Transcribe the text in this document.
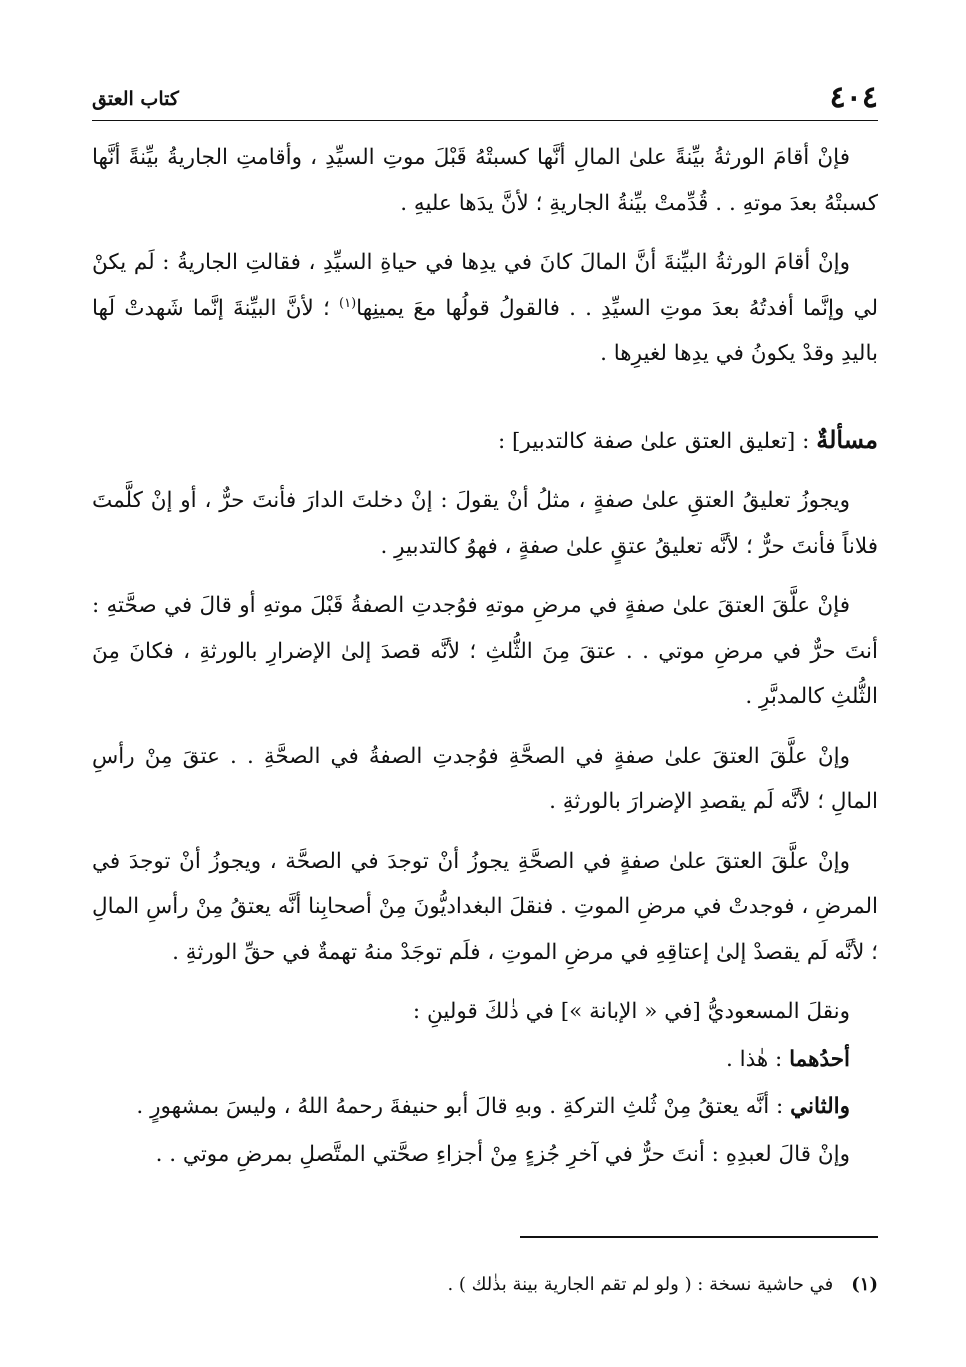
٤٠٤
كتاب العتق

فإنْ أقامَ الورثةُ بيِّنةً علىٰ المالِ أنَّها كسبتْهُ قَبْلَ موتِ السيِّدِ ، وأقامتِ الجاريةُ بيِّنةً أنَّها كسبتْهُ بعدَ موتهِ . . قُدِّمتْ بيِّنةُ الجاريةِ ؛ لأنَّ يدَها عليهِ .

وإنْ أقامَ الورثةُ البيِّنةَ أنَّ المالَ كانَ في يدِها في حياةِ السيِّدِ ، فقالتِ الجاريةُ : لَم يكنْ لي وإنَّما أفدتُهُ بعدَ موتِ السيِّدِ . . فالقولُ قولُها معَ يمينِها$^{(١)}$ ؛ لأنَّ البيِّنةَ إنَّما شَهدتْ لَها باليدِ وقدْ يكونُ في يدِها لغيرِها .

مسألةٌ : [تعليق العتق علىٰ صفة كالتدبير] :

ويجوزُ تعليقُ العتقِ علىٰ صفةٍ ، مثلُ أنْ يقولَ : إنْ دخلتَ الدارَ فأنتَ حرٌّ ، أو إنْ كلَّمتَ فلاناً فأنتَ حرٌّ ؛ لأنَّه تعليقُ عتقٍ علىٰ صفةٍ ، فهوُ كالتدبيرِ .

فإنْ علَّقَ العتقَ علىٰ صفةٍ في مرضِ موتهِ فوُجدتِ الصفةُ قَبْلَ موتهِ أو قالَ في صحَّتهِ : أنتَ حرٌّ في مرضِ موتي . . عتقَ مِنَ الثُّلثِ ؛ لأنَّه قصدَ إلىٰ الإضرارِ بالورثةِ ، فكانَ مِنَ الثُّلثِ كالمدبَّرِ .

وإنْ علَّقَ العتقَ علىٰ صفةٍ في الصحَّةِ فوُجدتِ الصفةُ في الصحَّةِ . . عتقَ مِنْ رأسِ المالِ ؛ لأنَّه لَم يقصدِ الإضرارَ بالورثةِ .

وإنْ علَّقَ العتقَ علىٰ صفةٍ في الصحَّةِ يجوزُ أنْ توجدَ في الصحَّة ، ويجوزُ أنْ توجدَ في المرضِ ، فوجدتْ في مرضِ الموتِ . فنقلَ البغداديُّونَ مِنْ أصحابِنا أنَّه يعتقُ مِنْ رأسِ المالِ ؛ لأنَّه لَم يقصدْ إلىٰ إعتاقِهِ في مرضِ الموتِ ، فلَم توجَدْ منهُ تهمةٌ في حقِّ الورثةِ .

ونقلَ المسعوديُّ [في « الإبانة »] في ذٰلكَ قولينِ :

أحدُهما : هٰذا .

والثاني : أنَّه يعتقُ مِنْ ثُلثِ التركةِ . وبهِ قالَ أبو حنيفةَ رحمهُ اللهُ ، وليسَ بمشهورٍ .

وإنْ قالَ لعبدِهِ : أنتَ حرٌّ في آخرِ جُزءٍ مِنْ أجزاءِ صحَّتي المتَّصلِ بمرضِ موتي . .

(١)في حاشية نسخة : ( ولو لم تقم الجارية بينة بذٰلك ) .
